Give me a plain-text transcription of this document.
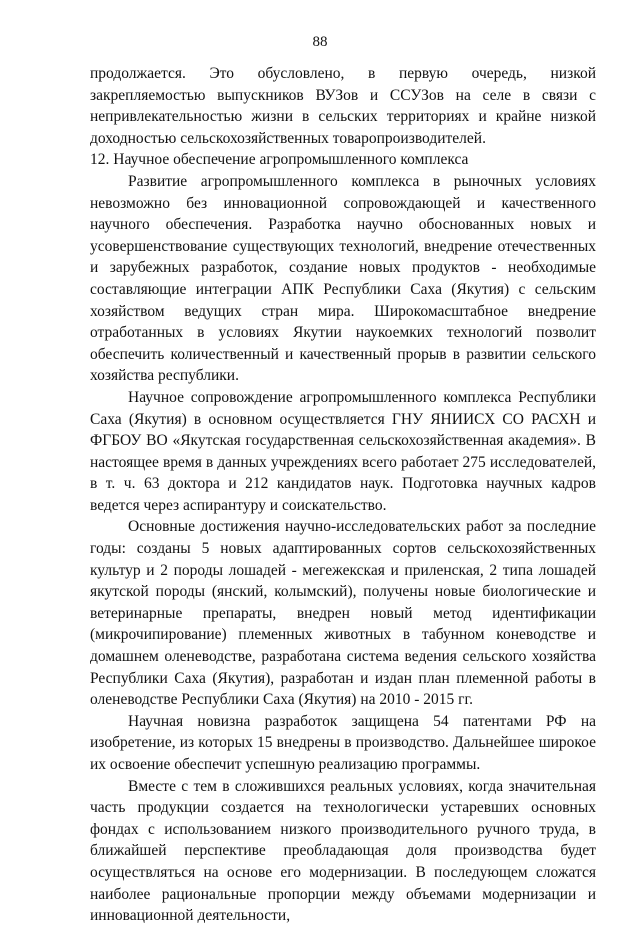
88

продолжается. Это обусловлено, в первую очередь, низкой закрепляемостью выпускников ВУЗов и ССУЗов на селе в связи с непривлекательностью жизни в сельских территориях и крайне низкой доходностью сельскохозяйственных товаропроизводителей.

12. Научное обеспечение агропромышленного комплекса

Развитие агропромышленного комплекса в рыночных условиях невозможно без инновационной сопровождающей и качественного научного обеспечения. Разработка научно обоснованных новых и усовершенствование существующих технологий, внедрение отечественных и зарубежных разработок, создание новых продуктов - необходимые составляющие интеграции АПК Республики Саха (Якутия) с сельским хозяйством ведущих стран мира. Широкомасштабное внедрение отработанных в условиях Якутии наукоемких технологий позволит обеспечить количественный и качественный прорыв в развитии сельского хозяйства республики.

Научное сопровождение агропромышленного комплекса Республики Саха (Якутия) в основном осуществляется ГНУ ЯНИИСХ СО РАСХН и ФГБОУ ВО «Якутская государственная сельскохозяйственная академия». В настоящее время в данных учреждениях всего работает 275 исследователей, в т. ч. 63 доктора и 212 кандидатов наук. Подготовка научных кадров ведется через аспирантуру и соискательство.

Основные достижения научно-исследовательских работ за последние годы: созданы 5 новых адаптированных сортов сельскохозяйственных культур и 2 породы лошадей - мегежекская и приленская, 2 типа лошадей якутской породы (янский, колымский), получены новые биологические и ветеринарные препараты, внедрен новый метод идентификации (микрочипирование) племенных животных в табунном коневодстве и домашнем оленеводстве, разработана система ведения сельского хозяйства Республики Саха (Якутия), разработан и издан план племенной работы в оленеводстве Республики Саха (Якутия) на 2010 - 2015 гг.

Научная новизна разработок защищена 54 патентами РФ на изобретение, из которых 15 внедрены в производство. Дальнейшее широкое их освоение обеспечит успешную реализацию программы.

Вместе с тем в сложившихся реальных условиях, когда значительная часть продукции создается на технологически устаревших основных фондах с использованием низкого производительного ручного труда, в ближайшей перспективе преобладающая доля производства будет осуществляться на основе его модернизации. В последующем сложатся наиболее рациональные пропорции между объемами модернизации и инновационной деятельности,
